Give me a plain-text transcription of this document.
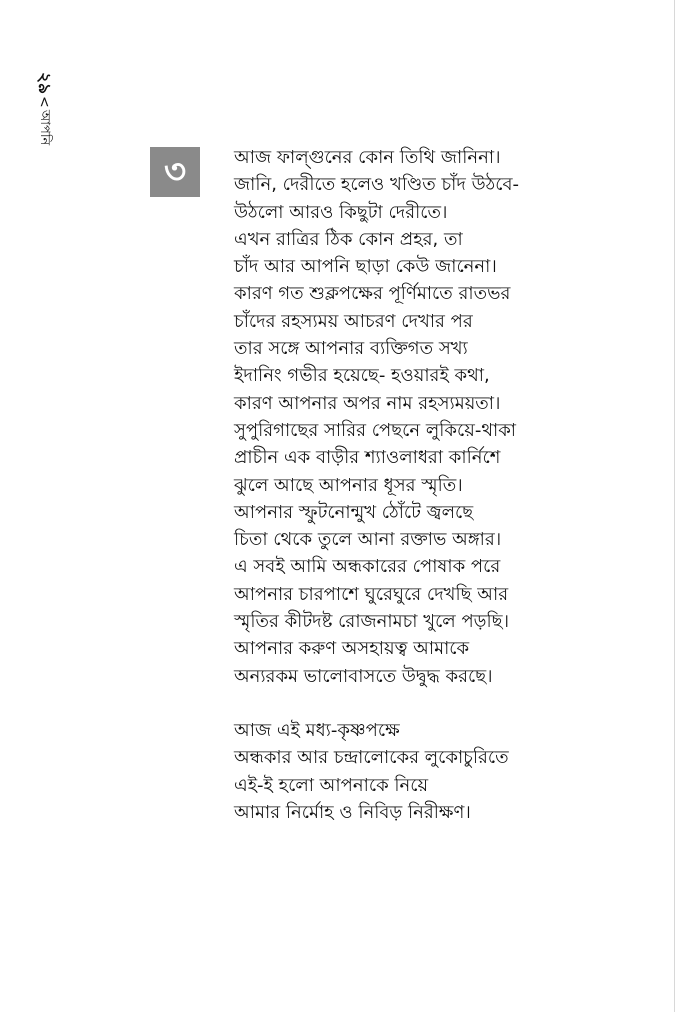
২৯<আপনি
৩	আজ ফাল্গুনের কোন তিথি জানিনা।
জানি, দেরীতে হলেও খণ্ডিত চাঁদ উঠবে-
উঠলো আরও কিছুটা দেরীতে।
এখন রাত্রির ঠিক কোন প্রহর, তা
চাঁদ আর আপনি ছাড়া কেউ জানেনা।
কারণ গত শুক্লপক্ষের পূর্ণিমাতে রাতভর
চাঁদের রহস্যময় আচরণ দেখার পর
তার সঙ্গে আপনার ব্যক্তিগত সখ্য
ইদানিং গভীর হয়েছে- হওয়ারই কথা,
কারণ আপনার অপর নাম রহস্যময়তা।
সুপুরিগাছের সারির পেছনে লুকিয়ে-থাকা
প্রাচীন এক বাড়ীর শ্যাওলাধরা কার্নিশে
ঝুলে আছে আপনার ধূসর স্মৃতি।
আপনার স্ফুটনোন্মুখ ঠোঁটে জ্বলছে
চিতা থেকে তুলে আনা রক্তাভ অঙ্গার।
এ সবই আমি অন্ধকারের পোষাক পরে
আপনার চারপাশে ঘুরেঘুরে দেখছি আর
স্মৃতির কীটদষ্ট রোজনামচা খুলে পড়ছি।
আপনার করুণ অসহায়ত্ব আমাকে
অন্যরকম ভালোবাসতে উদ্বুদ্ধ করছে।
আজ এই মধ্য-কৃষ্ণপক্ষে
অন্ধকার আর চন্দ্রালোকের লুকোচুরিতে
এই-ই হলো আপনাকে নিয়ে
আমার নির্মোহ ও নিবিড় নিরীক্ষণ।
